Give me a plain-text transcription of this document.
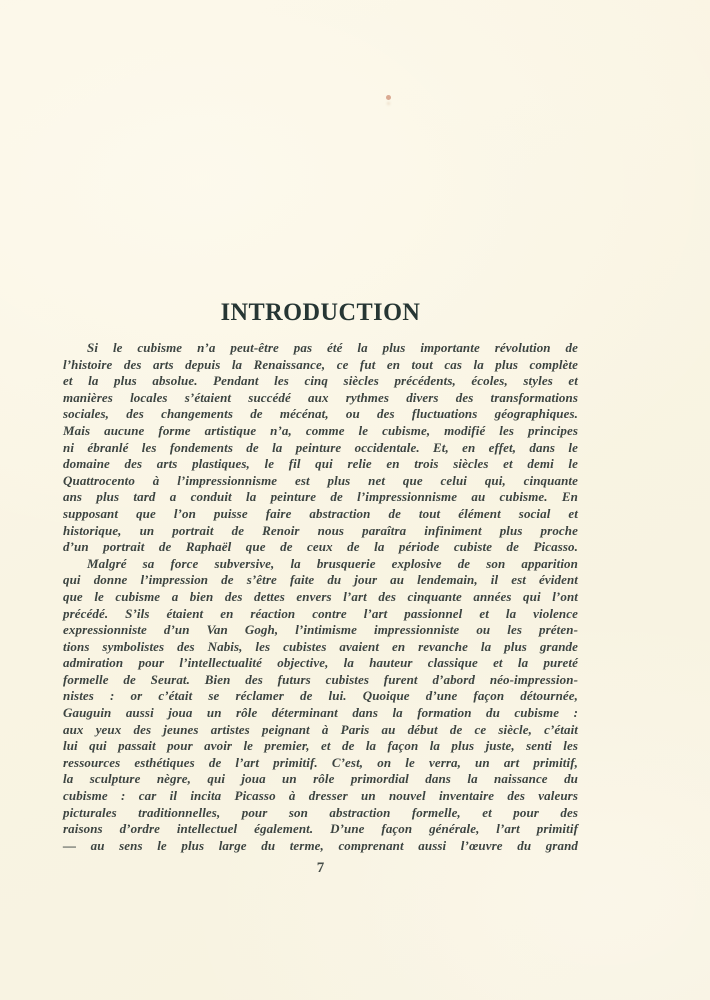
INTRODUCTION
Si le cubisme n’a peut-être pas été la plus importante révolution de
l’histoire des arts depuis la Renaissance, ce fut en tout cas la plus complète
et la plus absolue. Pendant les cinq siècles précédents, écoles, styles et
manières locales s’étaient succédé aux rythmes divers des transformations
sociales, des changements de mécénat, ou des fluctuations géographiques.
Mais aucune forme artistique n’a, comme le cubisme, modifié les principes
ni ébranlé les fondements de la peinture occidentale. Et, en effet, dans le
domaine des arts plastiques, le fil qui relie en trois siècles et demi le
Quattrocento à l’impressionnisme est plus net que celui qui, cinquante
ans plus tard a conduit la peinture de l’impressionnisme au cubisme. En
supposant que l’on puisse faire abstraction de tout élément social et
historique, un portrait de Renoir nous paraîtra infiniment plus proche
d’un portrait de Raphaël que de ceux de la période cubiste de Picasso.
Malgré sa force subversive, la brusquerie explosive de son apparition
qui donne l’impression de s’être faite du jour au lendemain, il est évident
que le cubisme a bien des dettes envers l’art des cinquante années qui l’ont
précédé. S’ils étaient en réaction contre l’art passionnel et la violence
expressionniste d’un Van Gogh, l’intimisme impressionniste ou les préten-
tions symbolistes des Nabis, les cubistes avaient en revanche la plus grande
admiration pour l’intellectualité objective, la hauteur classique et la pureté
formelle de Seurat. Bien des futurs cubistes furent d’abord néo-impression-
nistes : or c’était se réclamer de lui. Quoique d’une façon détournée,
Gauguin aussi joua un rôle déterminant dans la formation du cubisme :
aux yeux des jeunes artistes peignant à Paris au début de ce siècle, c’était
lui qui passait pour avoir le premier, et de la façon la plus juste, senti les
ressources esthétiques de l’art primitif. C’est, on le verra, un art primitif,
la sculpture nègre, qui joua un rôle primordial dans la naissance du
cubisme : car il incita Picasso à dresser un nouvel inventaire des valeurs
picturales traditionnelles, pour son abstraction formelle, et pour des
raisons d’ordre intellectuel également. D’une façon générale, l’art primitif
— au sens le plus large du terme, comprenant aussi l’œuvre du grand
7
